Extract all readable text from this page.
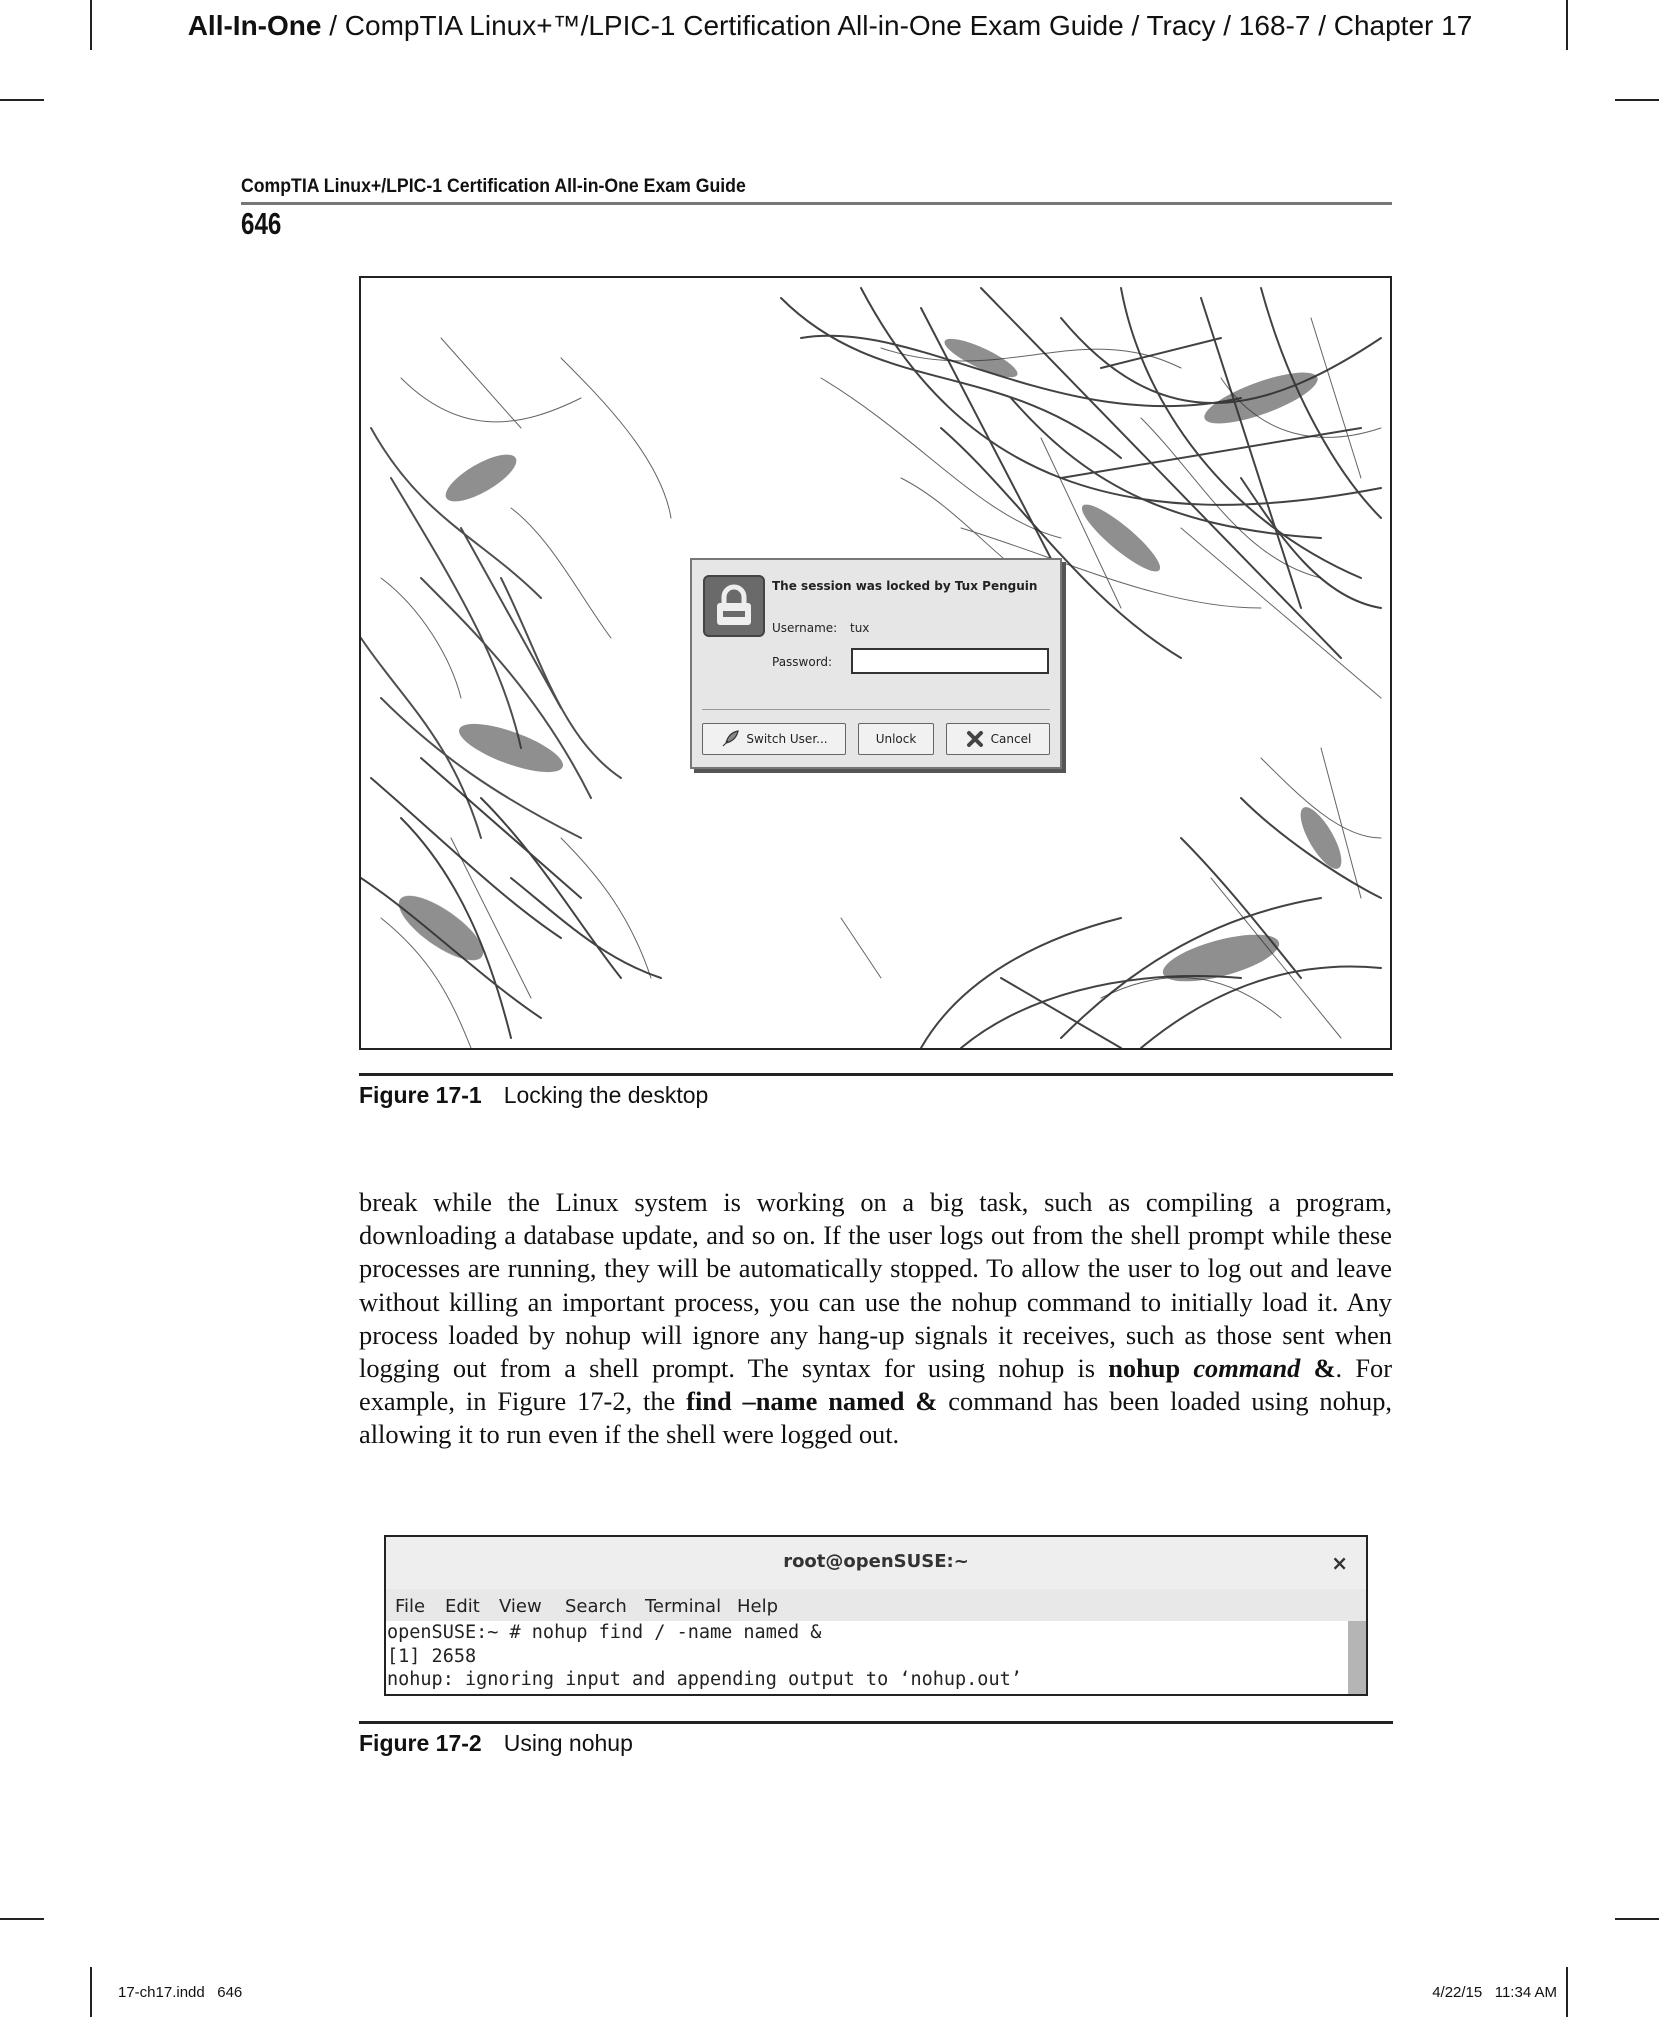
All-In-One / CompTIA Linux+™/LPIC-1 Certification All-in-One Exam Guide / Tracy / 168-7 / Chapter 17
CompTIA Linux+/LPIC-1 Certification All-in-One Exam Guide
646
The session was locked by Tux Penguin
Username: tux
Password:
Switch User...	Unlock	Cancel
Figure 17-1 Locking the desktop
break while the Linux system is working on a big task, such as compiling a program, downloading a database update, and so on. If the user logs out from the shell prompt while these processes are running, they will be automatically stopped. To allow the user to log out and leave without killing an important process, you can use the nohup command to initially load it. Any process loaded by nohup will ignore any hang-up signals it receives, such as those sent when logging out from a shell prompt. The syntax for using nohup is nohup command &. For example, in Figure 17-2, the find –name named & command has been loaded using nohup, allowing it to run even if the shell were logged out.
root@openSUSE:~	×
File Edit View Search Terminal Help
openSUSE:~ # nohup find / -name named &
[1] 2658
nohup: ignoring input and appending output to ‘nohup.out’
Figure 17-2 Using nohup
17-ch17.indd   646	4/22/15   11:34 AM
